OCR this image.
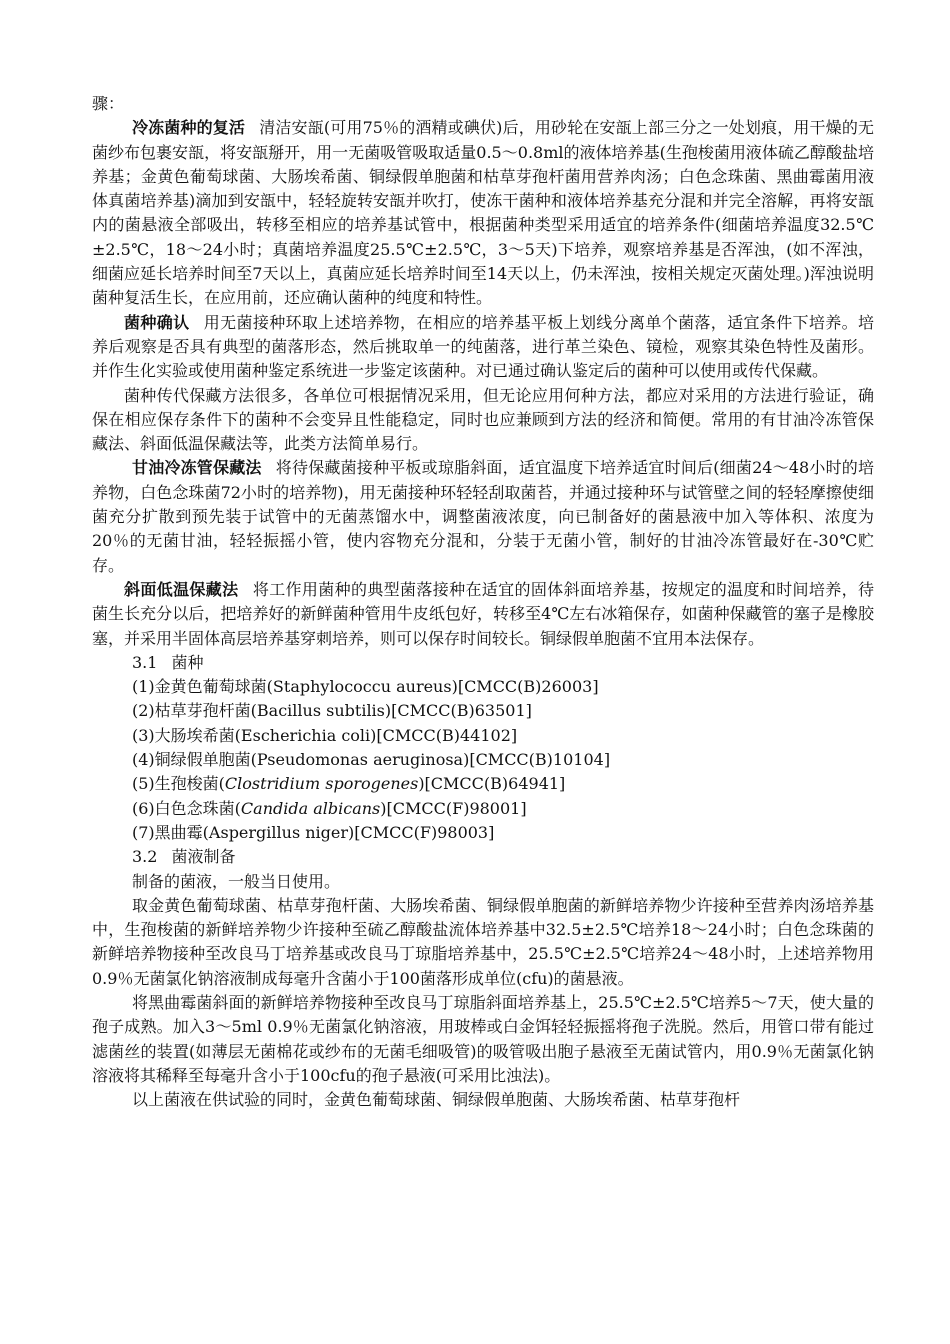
骤：

冷冻菌种的复活 清洁安瓿(可用75％的酒精或碘伏)后，用砂轮在安瓿上部三分之一处划痕，用干燥的无菌纱布包裹安瓿，将安瓿掰开，用一无菌吸管吸取适量0.5～0.8ml的液体培养基(生孢梭菌用液体硫乙醇酸盐培养基；金黄色葡萄球菌、大肠埃希菌、铜绿假单胞菌和枯草芽孢杆菌用营养肉汤；白色念珠菌、黑曲霉菌用液体真菌培养基)滴加到安瓿中，轻轻旋转安瓿并吹打，使冻干菌种和液体培养基充分混和并完全溶解，再将安瓿内的菌悬液全部吸出，转移至相应的培养基试管中，根据菌种类型采用适宜的培养条件(细菌培养温度32.5℃±2.5℃，18～24小时；真菌培养温度25.5℃±2.5℃，3～5天)下培养，观察培养基是否浑浊，(如不浑浊，细菌应延长培养时间至7天以上，真菌应延长培养时间至14天以上，仍未浑浊，按相关规定灭菌处理。)浑浊说明菌种复活生长，在应用前，还应确认菌种的纯度和特性。

菌种确认 用无菌接种环取上述培养物，在相应的培养基平板上划线分离单个菌落，适宜条件下培养。培养后观察是否具有典型的菌落形态，然后挑取单一的纯菌落，进行革兰染色、镜检，观察其染色特性及菌形。并作生化实验或使用菌种鉴定系统进一步鉴定该菌种。对已通过确认鉴定后的菌种可以使用或传代保藏。

菌种传代保藏方法很多，各单位可根据情况采用，但无论应用何种方法，都应对采用的方法进行验证，确保在相应保存条件下的菌种不会变异且性能稳定，同时也应兼顾到方法的经济和简便。常用的有甘油冷冻管保藏法、斜面低温保藏法等，此类方法简单易行。

甘油冷冻管保藏法 将待保藏菌接种平板或琼脂斜面，适宜温度下培养适宜时间后(细菌24～48小时的培养物，白色念珠菌72小时的培养物)，用无菌接种环轻轻刮取菌苔，并通过接种环与试管壁之间的轻轻摩擦使细菌充分扩散到预先装于试管中的无菌蒸馏水中，调整菌液浓度，向已制备好的菌悬液中加入等体积、浓度为20％的无菌甘油，轻轻振摇小管，使内容物充分混和，分装于无菌小管，制好的甘油冷冻管最好在-30℃贮存。

斜面低温保藏法 将工作用菌种的典型菌落接种在适宜的固体斜面培养基，按规定的温度和时间培养，待菌生长充分以后，把培养好的新鲜菌种管用牛皮纸包好，转移至4℃左右冰箱保存，如菌种保藏管的塞子是橡胶塞，并采用半固体高层培养基穿刺培养，则可以保存时间较长。铜绿假单胞菌不宜用本法保存。

3.1 菌种

(1)金黄色葡萄球菌(Staphylococcu aureus)[CMCC(B)26003]
(2)枯草芽孢杆菌(Bacillus subtilis)[CMCC(B)63501]
(3)大肠埃希菌(Escherichia coli)[CMCC(B)44102]
(4)铜绿假单胞菌(Pseudomonas aeruginosa)[CMCC(B)10104]
(5)生孢梭菌(Clostridium sporogenes)[CMCC(B)64941]
(6)白色念珠菌(Candida albicans)[CMCC(F)98001]
(7)黑曲霉(Aspergillus niger)[CMCC(F)98003]

3.2 菌液制备

制备的菌液，一般当日使用。

取金黄色葡萄球菌、枯草芽孢杆菌、大肠埃希菌、铜绿假单胞菌的新鲜培养物少许接种至营养肉汤培养基中，生孢梭菌的新鲜培养物少许接种至硫乙醇酸盐流体培养基中32.5±2.5℃培养18～24小时；白色念珠菌的新鲜培养物接种至改良马丁培养基或改良马丁琼脂培养基中，25.5℃±2.5℃培养24～48小时，上述培养物用0.9％无菌氯化钠溶液制成每毫升含菌小于100菌落形成单位(cfu)的菌悬液。

将黑曲霉菌斜面的新鲜培养物接种至改良马丁琼脂斜面培养基上，25.5℃±2.5℃培养5～7天，使大量的孢子成熟。加入3～5ml 0.9％无菌氯化钠溶液，用玻棒或白金饵轻轻振摇将孢子洗脱。然后，用管口带有能过滤菌丝的装置(如薄层无菌棉花或纱布的无菌毛细吸管)的吸管吸出胞子悬液至无菌试管内，用0.9％无菌氯化钠溶液将其稀释至每毫升含小于100cfu的孢子悬液(可采用比浊法)。

以上菌液在供试验的同时，金黄色葡萄球菌、铜绿假单胞菌、大肠埃希菌、枯草芽孢杆
